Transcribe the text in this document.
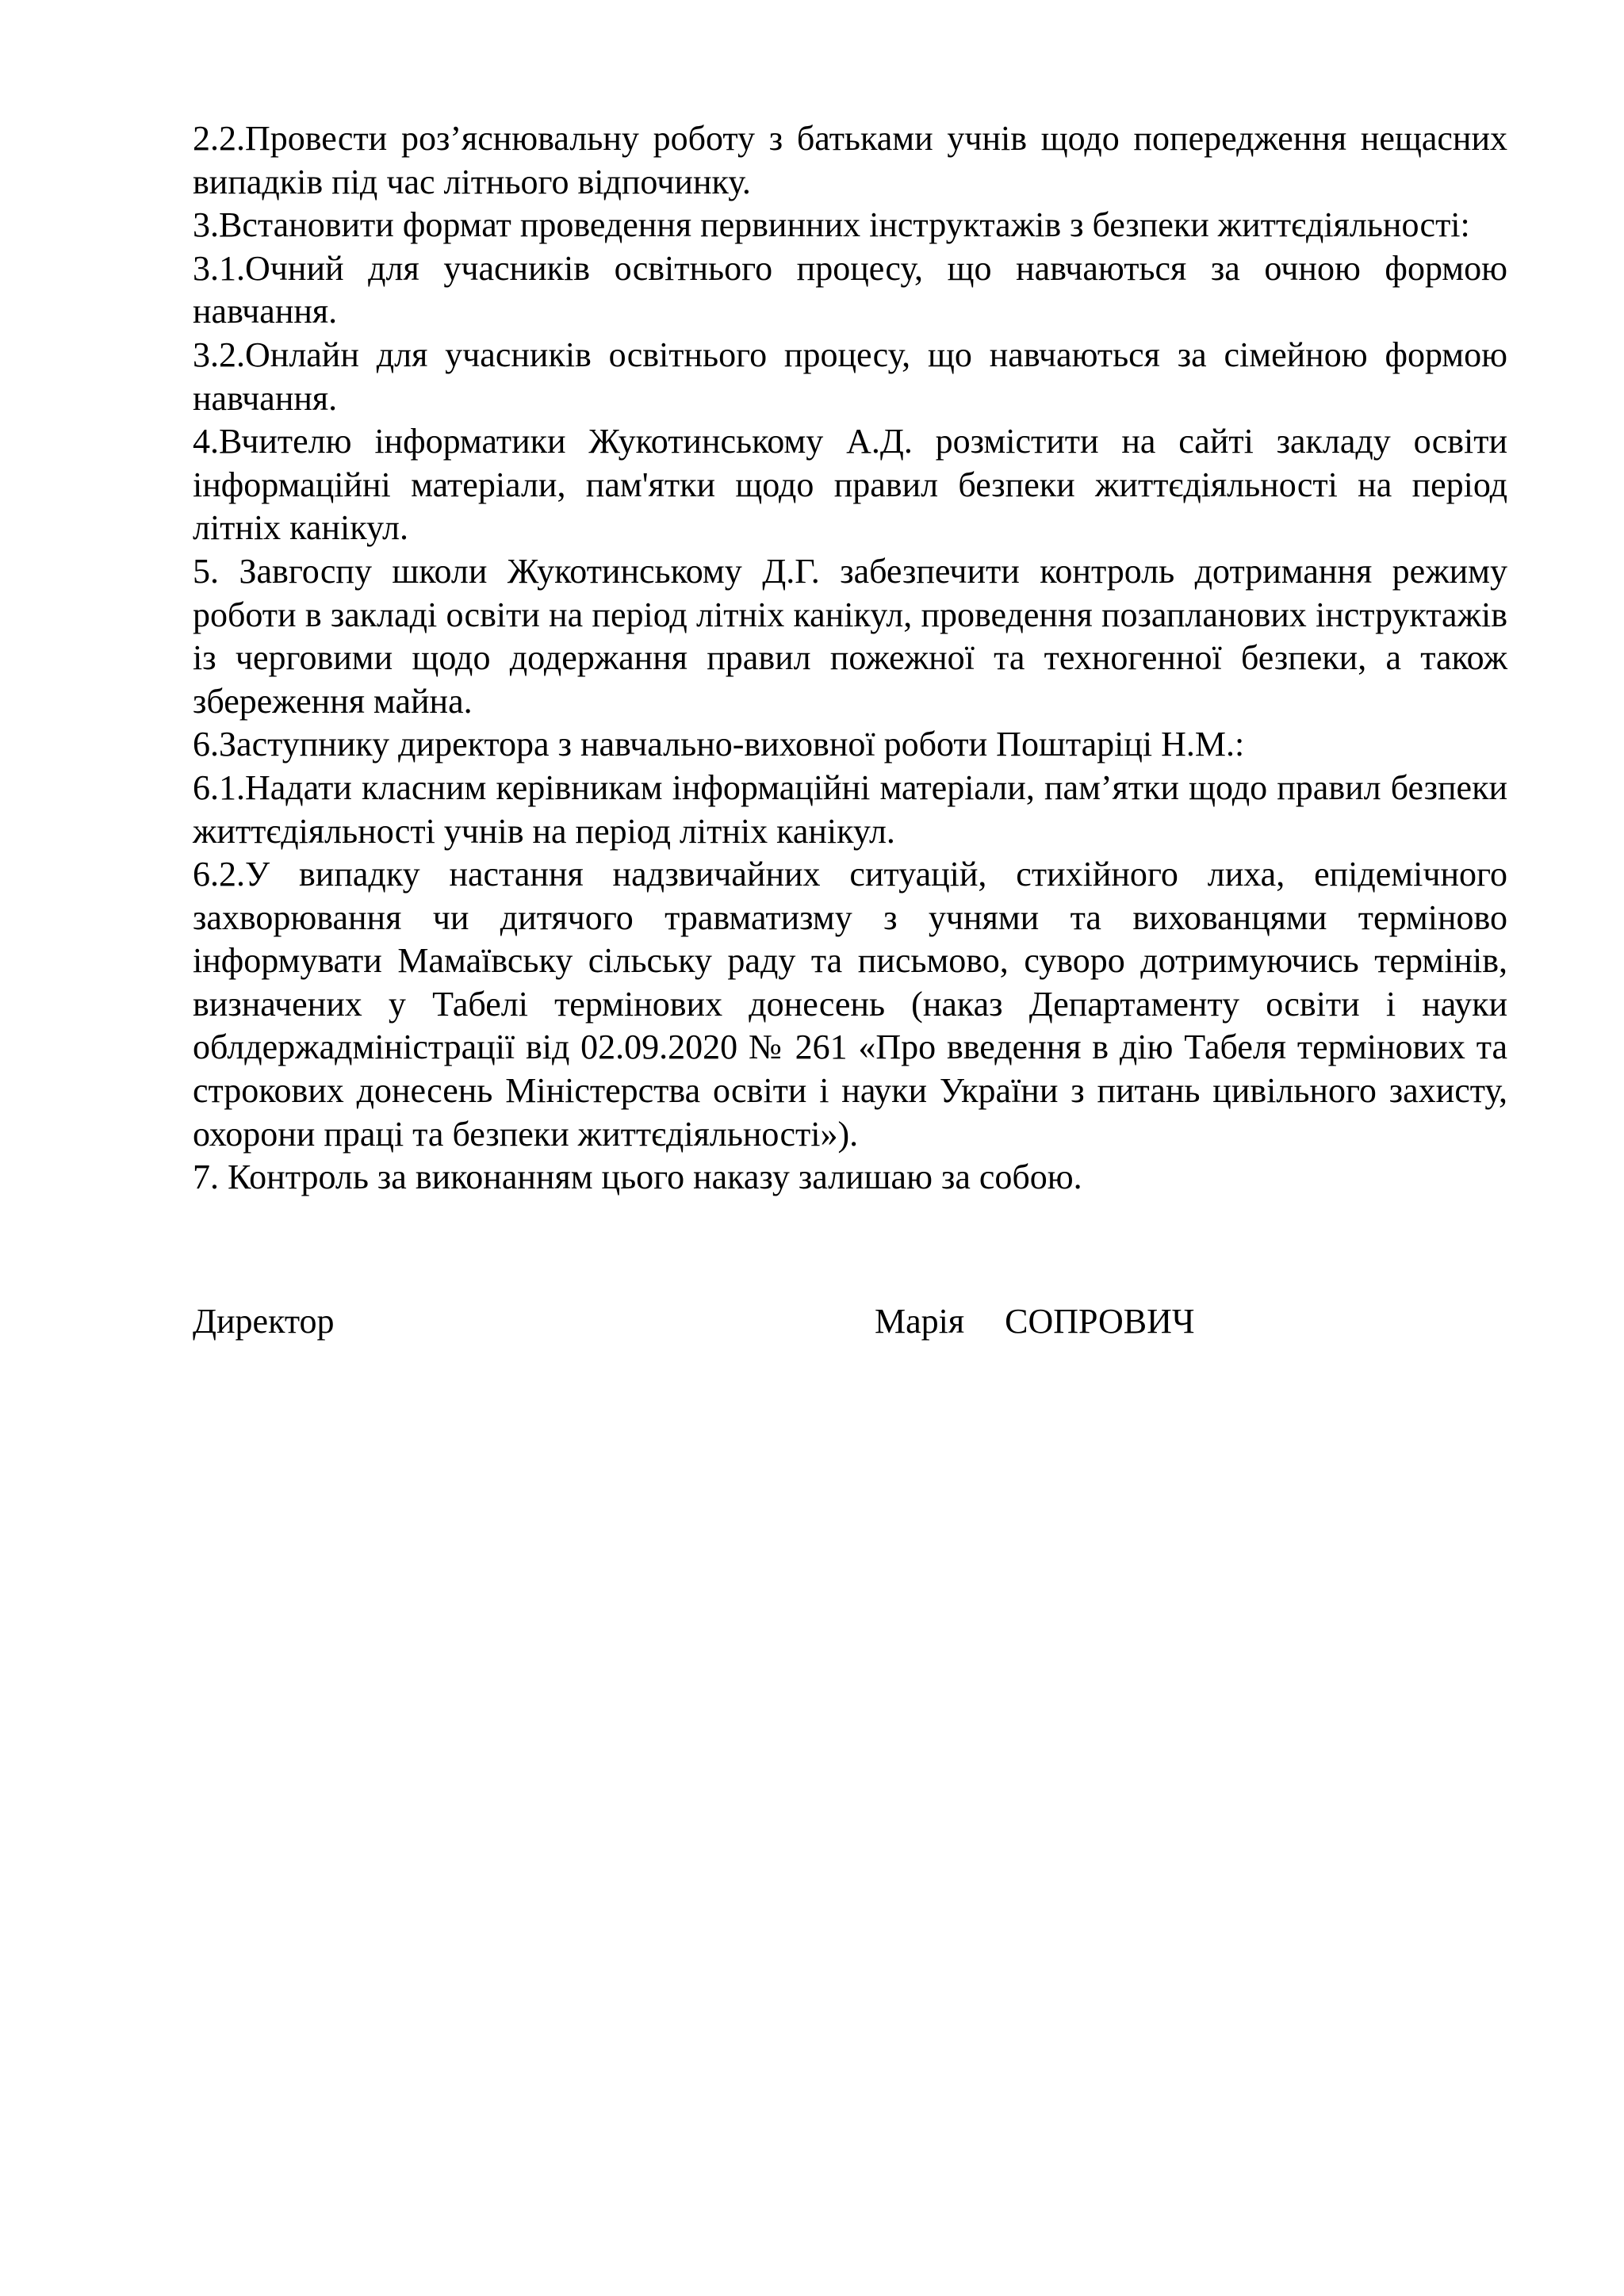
2.2.Провести роз’яснювальну роботу з батьками учнів щодо попередження нещасних випадків під час літнього відпочинку.

3.Встановити формат проведення первинних інструктажів з безпеки життєдіяльності:

3.1.Очний для учасників освітнього процесу, що навчаються за очною формою навчання.

3.2.Онлайн для учасників освітнього процесу, що навчаються за сімейною формою навчання.

4.Вчителю інформатики Жукотинському А.Д. розмістити на сайті закладу освіти інформаційні матеріали, пам'ятки щодо правил безпеки життєдіяльності на період літніх канікул.

5. Завгоспу школи Жукотинському Д.Г. забезпечити контроль дотримання режиму роботи в закладі освіти на період літніх канікул, проведення позапланових інструктажів із черговими щодо додержання правил пожежної та техногенної безпеки, а також збереження майна.

6.Заступнику директора з навчально-виховної роботи Поштаріці Н.М.:

6.1.Надати класним керівникам інформаційні матеріали, пам’ятки щодо правил безпеки життєдіяльності учнів на період літніх канікул.

6.2.У випадку настання надзвичайних ситуацій, стихійного лиха, епідемічного захворювання чи дитячого травматизму з учнями та вихованцями терміново інформувати Мамаївську сільську раду та письмово, суворо дотримуючись термінів, визначених у Табелі термінових донесень (наказ Департаменту освіти і науки облдержадміністрації від 02.09.2020 № 261 «Про введення в дію Табеля термінових та строкових донесень Міністерства освіти і науки України з питань цивільного захисту, охорони праці та безпеки життєдіяльності»).

7. Контроль за виконанням цього наказу залишаю за собою.

Директор	Марія СОПРОВИЧ
